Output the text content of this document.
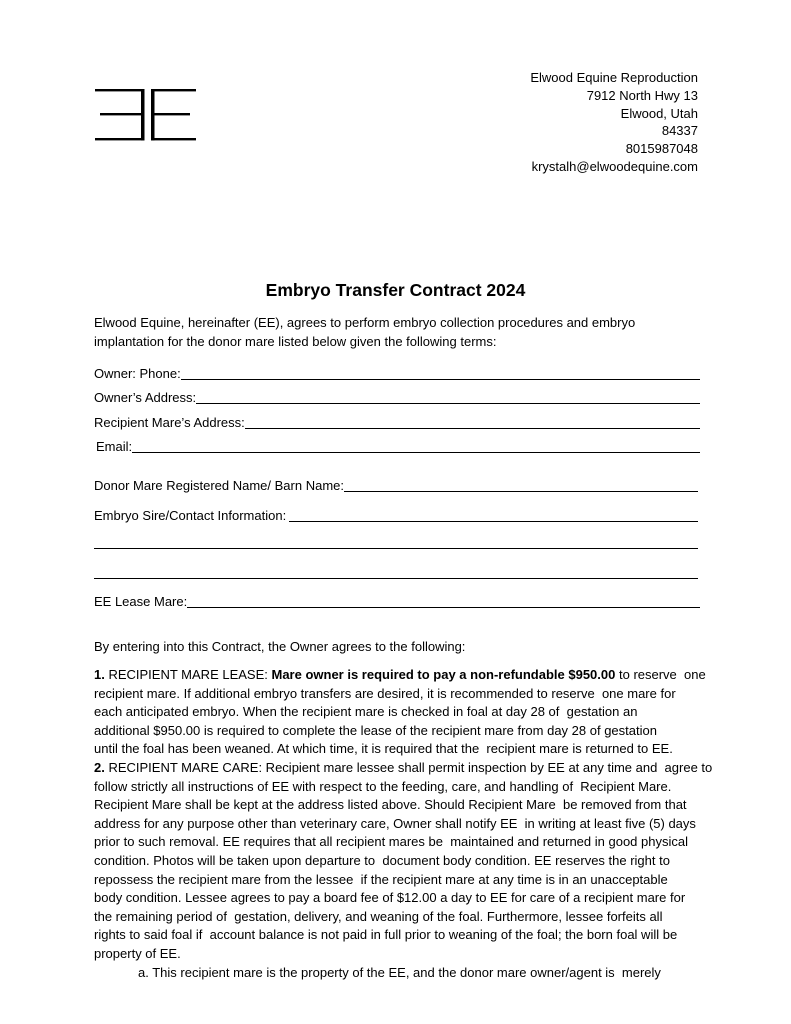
Elwood Equine Reproduction
7912 North Hwy 13
Elwood, Utah
84337
8015987048
krystalh@elwoodequine.com
Embryo Transfer Contract 2024
Elwood Equine, hereinafter (EE), agrees to perform embryo collection procedures and embryo
implantation for the donor mare listed below given the following terms:
Owner: Phone:
Owner’s Address:
Recipient Mare’s Address:
Email:
Donor Mare Registered Name/ Barn Name:
Embryo Sire/Contact Information:
EE Lease Mare:
By entering into this Contract, the Owner agrees to the following:
1. RECIPIENT MARE LEASE: Mare owner is required to pay a non-refundable $950.00 to reserve  one
recipient mare. If additional embryo transfers are desired, it is recommended to reserve  one mare for
each anticipated embryo. When the recipient mare is checked in foal at day 28 of  gestation an
additional $950.00 is required to complete the lease of the recipient mare from day 28 of gestation
until the foal has been weaned. At which time, it is required that the  recipient mare is returned to EE.
2. RECIPIENT MARE CARE: Recipient mare lessee shall permit inspection by EE at any time and  agree to
follow strictly all instructions of EE with respect to the feeding, care, and handling of  Recipient Mare.
Recipient Mare shall be kept at the address listed above. Should Recipient Mare  be removed from that
address for any purpose other than veterinary care, Owner shall notify EE  in writing at least five (5) days
prior to such removal. EE requires that all recipient mares be  maintained and returned in good physical
condition. Photos will be taken upon departure to  document body condition. EE reserves the right to
repossess the recipient mare from the lessee  if the recipient mare at any time is in an unacceptable
body condition. Lessee agrees to pay a board fee of $12.00 a day to EE for care of a recipient mare for
the remaining period of  gestation, delivery, and weaning of the foal. Furthermore, lessee forfeits all
rights to said foal if  account balance is not paid in full prior to weaning of the foal; the born foal will be
property of EE.
a. This recipient mare is the property of the EE, and the donor mare owner/agent is  merely
